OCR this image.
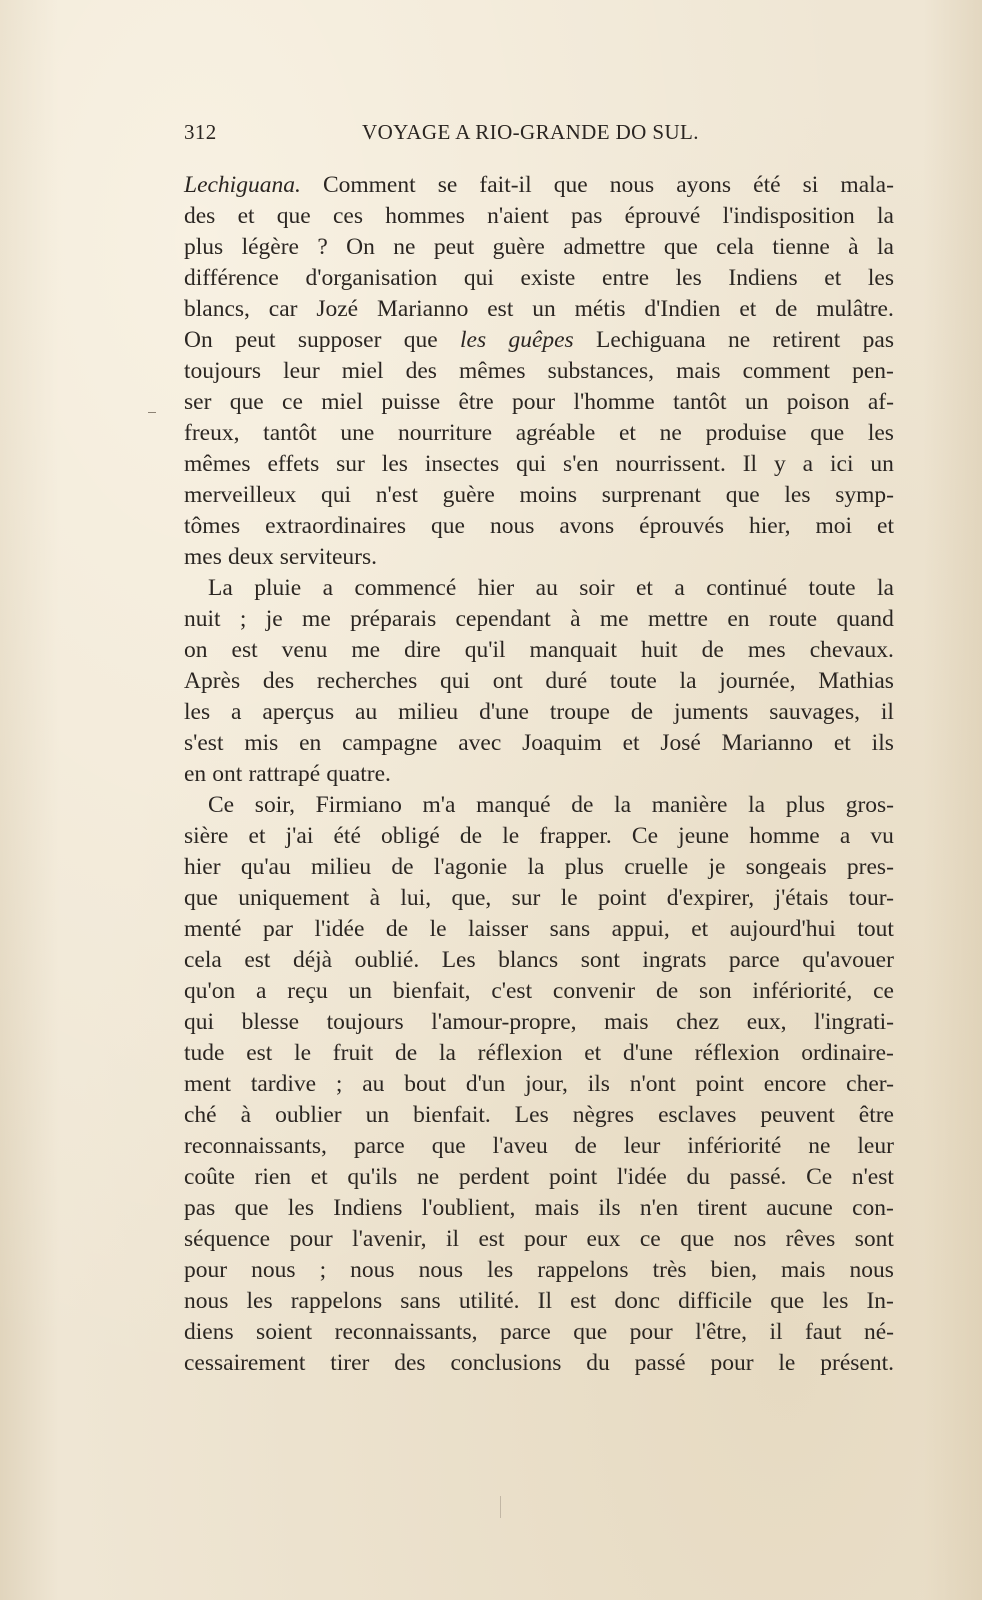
312	VOYAGE A RIO-GRANDE DO SUL.
Lechiguana. Comment se fait-il que nous ayons été si mala-
des et que ces hommes n'aient pas éprouvé l'indisposition la
plus légère ? On ne peut guère admettre que cela tienne à la
différence d'organisation qui existe entre les Indiens et les
blancs, car Jozé Marianno est un métis d'Indien et de mulâtre.
On peut supposer que les guêpes Lechiguana ne retirent pas
toujours leur miel des mêmes substances, mais comment pen-
ser que ce miel puisse être pour l'homme tantôt un poison af-
freux, tantôt une nourriture agréable et ne produise que les
mêmes effets sur les insectes qui s'en nourrissent. Il y a ici un
merveilleux qui n'est guère moins surprenant que les symp-
tômes extraordinaires que nous avons éprouvés hier, moi et
mes deux serviteurs.
La pluie a commencé hier au soir et a continué toute la
nuit ; je me préparais cependant à me mettre en route quand
on est venu me dire qu'il manquait huit de mes chevaux.
Après des recherches qui ont duré toute la journée, Mathias
les a aperçus au milieu d'une troupe de juments sauvages, il
s'est mis en campagne avec Joaquim et José Marianno et ils
en ont rattrapé quatre.
Ce soir, Firmiano m'a manqué de la manière la plus gros-
sière et j'ai été obligé de le frapper. Ce jeune homme a vu
hier qu'au milieu de l'agonie la plus cruelle je songeais pres-
que uniquement à lui, que, sur le point d'expirer, j'étais tour-
menté par l'idée de le laisser sans appui, et aujourd'hui tout
cela est déjà oublié. Les blancs sont ingrats parce qu'avouer
qu'on a reçu un bienfait, c'est convenir de son infériorité, ce
qui blesse toujours l'amour-propre, mais chez eux, l'ingrati-
tude est le fruit de la réflexion et d'une réflexion ordinaire-
ment tardive ; au bout d'un jour, ils n'ont point encore cher-
ché à oublier un bienfait. Les nègres esclaves peuvent être
reconnaissants, parce que l'aveu de leur infériorité ne leur
coûte rien et qu'ils ne perdent point l'idée du passé. Ce n'est
pas que les Indiens l'oublient, mais ils n'en tirent aucune con-
séquence pour l'avenir, il est pour eux ce que nos rêves sont
pour nous ; nous nous les rappelons très bien, mais nous
nous les rappelons sans utilité. Il est donc difficile que les In-
diens soient reconnaissants, parce que pour l'être, il faut né-
cessairement tirer des conclusions du passé pour le présent.
